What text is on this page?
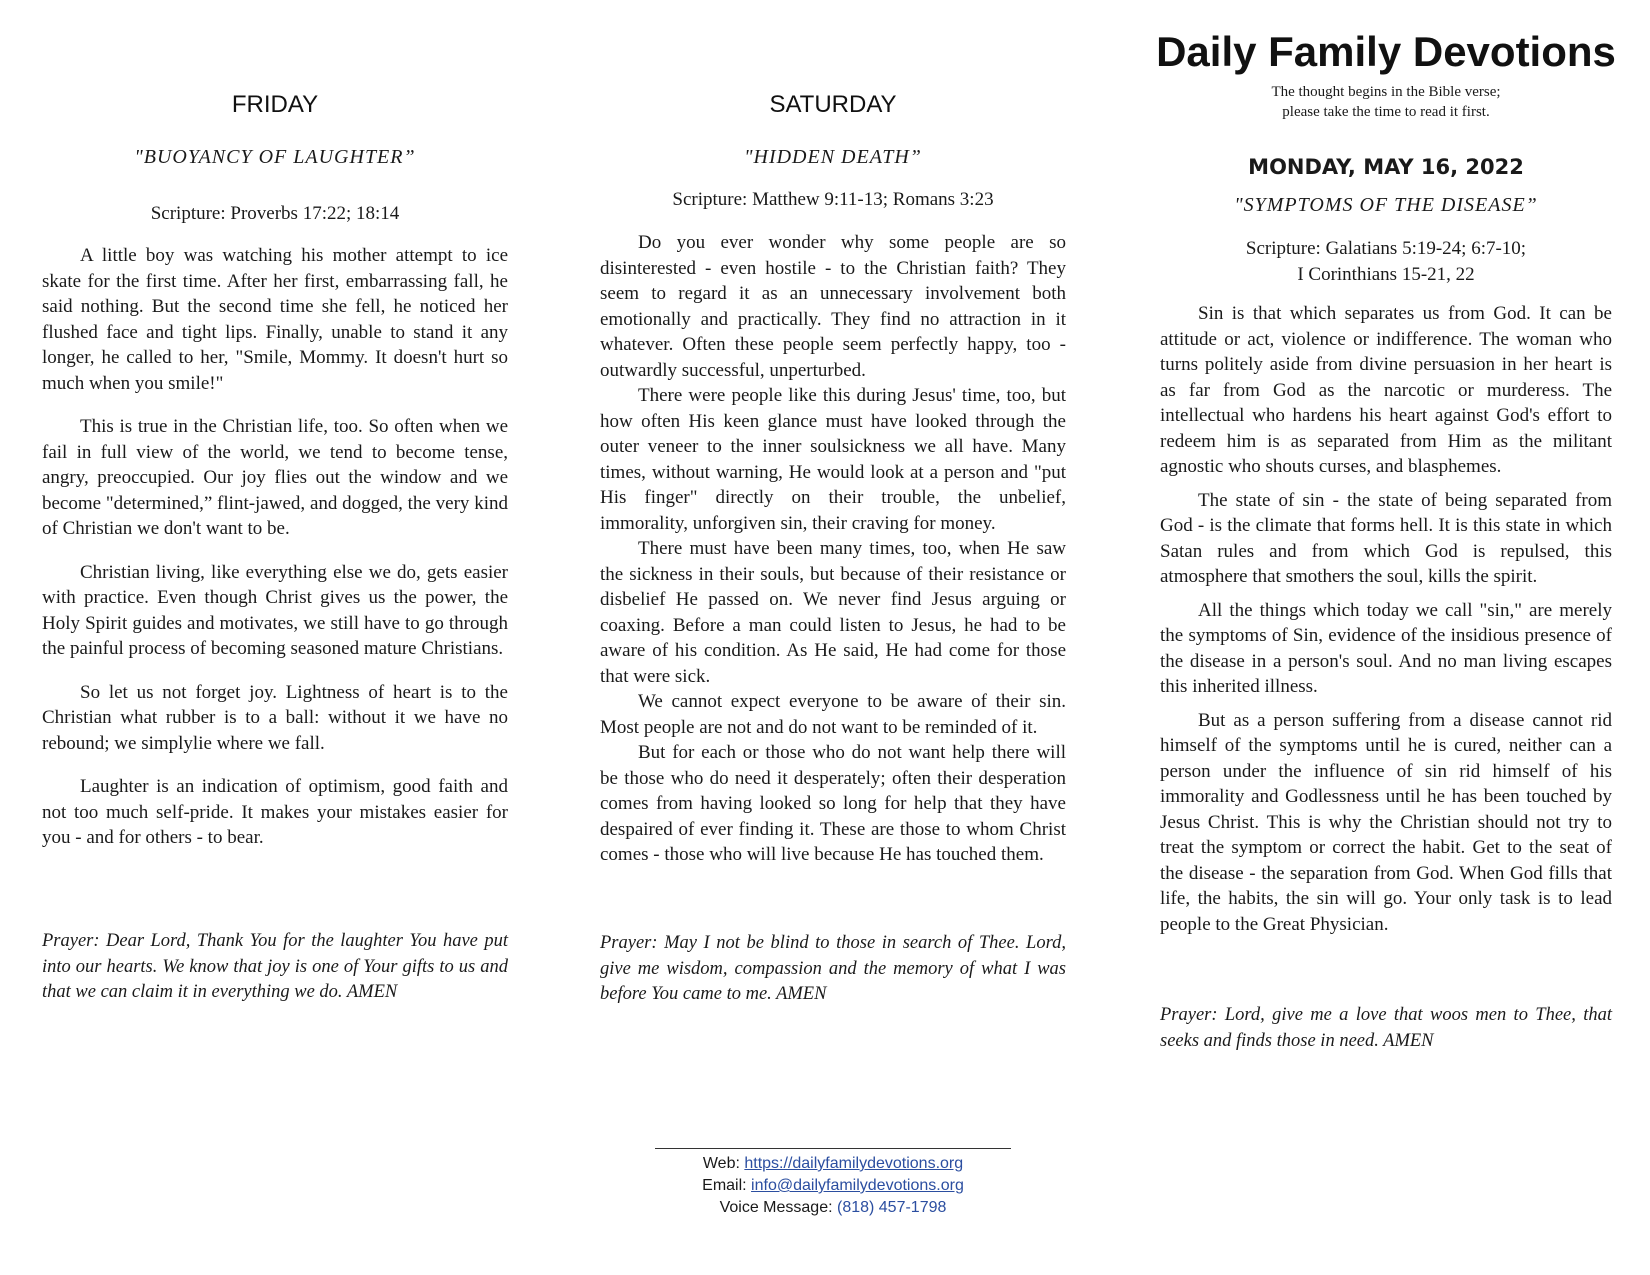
FRIDAY
"BUOYANCY OF LAUGHTER”
Scripture: Proverbs 17:22; 18:14

A little boy was watching his mother attempt to ice skate for the first time. After her first, embarrassing fall, he said nothing. But the second time she fell, he noticed her flushed face and tight lips. Finally, unable to stand it any longer, he called to her, "Smile, Mommy. It doesn't hurt so much when you smile!"

This is true in the Christian life, too. So often when we fail in full view of the world, we tend to become tense, angry, preoccupied. Our joy flies out the window and we become "determined,” flint-jawed, and dogged, the very kind of Christian we don't want to be.

Christian living, like everything else we do, gets easier with practice. Even though Christ gives us the power, the Holy Spirit guides and motivates, we still have to go through the painful process of becoming seasoned mature Christians.

So let us not forget joy. Lightness of heart is to the Christian what rubber is to a ball: without it we have no rebound; we simplylie where we fall.

Laughter is an indication of optimism, good faith and not too much self-pride. It makes your mistakes easier for you - and for others - to bear.

Prayer: Dear Lord, Thank You for the laughter You have put into our hearts. We know that joy is one of Your gifts to us and that we can claim it in everything we do. AMEN

SATURDAY
"HIDDEN DEATH”
Scripture: Matthew 9:11-13; Romans 3:23

Do you ever wonder why some people are so disinterested - even hostile - to the Christian faith? They seem to regard it as an unnecessary involvement both emotionally and practically. They find no attraction in it whatever. Often these people seem perfectly happy, too - outwardly successful, unperturbed.

There were people like this during Jesus' time, too, but how often His keen glance must have looked through the outer veneer to the inner soulsickness we all have. Many times, without warning, He would look at a person and "put His finger" directly on their trouble, the unbelief, immorality, unforgiven sin, their craving for money.

There must have been many times, too, when He saw the sickness in their souls, but because of their resistance or disbelief He passed on. We never find Jesus arguing or coaxing. Before a man could listen to Jesus, he had to be aware of his condition. As He said, He had come for those that were sick.

We cannot expect everyone to be aware of their sin. Most people are not and do not want to be reminded of it.

But for each or those who do not want help there will be those who do need it desperately; often their desperation comes from having looked so long for help that they have despaired of ever finding it. These are those to whom Christ comes - those who will live because He has touched them.

Prayer: May I not be blind to those in search of Thee. Lord, give me wisdom, compassion and the memory of what I was before You came to me. AMEN

Daily Family Devotions
The thought begins in the Bible verse;
please take the time to read it first.
MONDAY, MAY 16, 2022
"SYMPTOMS OF THE DISEASE”
Scripture: Galatians 5:19-24; 6:7-10;
I Corinthians 15-21, 22

Sin is that which separates us from God. It can be attitude or act, violence or indifference. The woman who turns politely aside from divine persuasion in her heart is as far from God as the narcotic or murderess. The intellectual who hardens his heart against God's effort to redeem him is as separated from Him as the militant agnostic who shouts curses, and blasphemes.

The state of sin - the state of being separated from God - is the climate that forms hell. It is this state in which Satan rules and from which God is repulsed, this atmosphere that smothers the soul, kills the spirit.

All the things which today we call "sin," are merely the symptoms of Sin, evidence of the insidious presence of the disease in a person's soul. And no man living escapes this inherited illness.

But as a person suffering from a disease cannot rid himself of the symptoms until he is cured, neither can a person under the influence of sin rid himself of his immorality and Godlessness until he has been touched by Jesus Christ. This is why the Christian should not try to treat the symptom or correct the habit. Get to the seat of the disease - the separation from God. When God fills that life, the habits, the sin will go. Your only task is to lead people to the Great Physician.

Prayer: Lord, give me a love that woos men to Thee, that seeks and finds those in need. AMEN

Web: https://dailyfamilydevotions.org
Email: info@dailyfamilydevotions.org
Voice Message: (818) 457-1798
